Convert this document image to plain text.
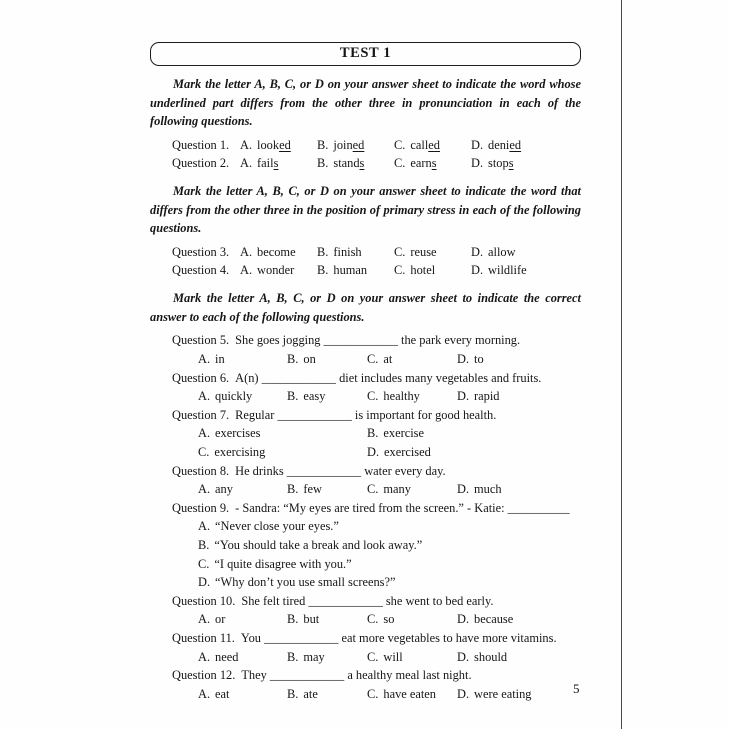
TEST 1

Mark the letter A, B, C, or D on your answer sheet to indicate the word whose underlined part differs from the other three in pronunciation in each of the following questions.

Question 1. A. looked	B. joined	C. called	D. denied
Question 2. A. fails	B. stands	C. earns	D. stops

Mark the letter A, B, C, or D on your answer sheet to indicate the word that differs from the other three in the position of primary stress in each of the following questions.

Question 3. A. become	B. finish	C. reuse	D. allow
Question 4. A. wonder	B. human	C. hotel	D. wildlife

Mark the letter A, B, C, or D on your answer sheet to indicate the correct answer to each of the following questions.

Question 5. She goes jogging ____________ the park every morning.
A. in	B. on	C. at	D. to
Question 6. A(n) ____________ diet includes many vegetables and fruits.
A. quickly	B. easy	C. healthy	D. rapid
Question 7. Regular ____________ is important for good health.
A. exercises	B. exercise
C. exercising	D. exercised
Question 8. He drinks ____________ water every day.
A. any	B. few	C. many	D. much
Question 9. - Sandra: “My eyes are tired from the screen.” - Katie: __________
A. “Never close your eyes.”
B. “You should take a break and look away.”
C. “I quite disagree with you.”
D. “Why don’t you use small screens?”
Question 10. She felt tired ____________ she went to bed early.
A. or	B. but	C. so	D. because
Question 11. You ____________ eat more vegetables to have more vitamins.
A. need	B. may	C. will	D. should
Question 12. They ____________ a healthy meal last night.
A. eat	B. ate	C. have eaten	D. were eating	5
